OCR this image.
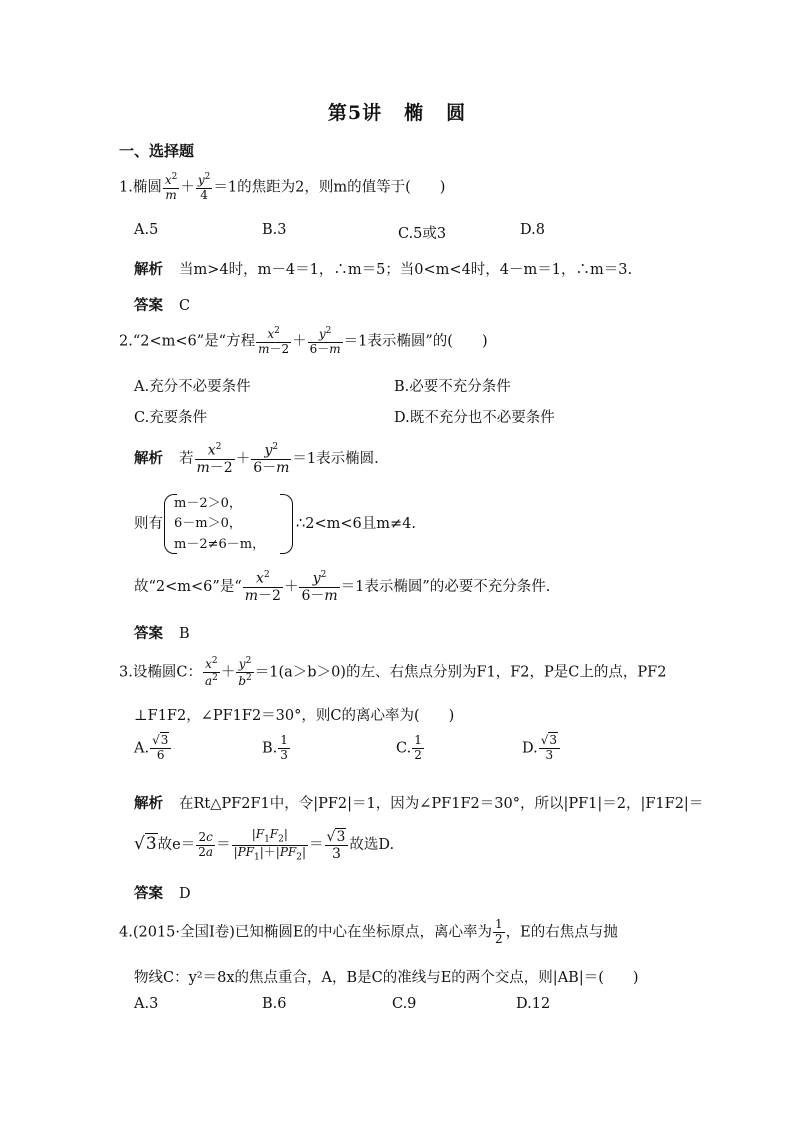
第5讲 椭 圆
一、选择题
1.椭圆 $\frac{x^2}{m} + \frac{y^2}{4} =1$的焦距为2，则m的值等于(　　)
A.5	B.3	C.5或3	D.8
解析 当m>4时，m－4＝1，∴m＝5；当0<m<4时，4－m＝1，∴m＝3.
答案 C
2.“2<m<6”是“方程 $\frac{x^2}{m-2} + \frac{y^2}{6-m} =1$表示椭圆”的(　　)
A.充分不必要条件	B.必要不充分条件
C.充要条件	D.既不充分也不必要条件
解析 若 $\frac{x^2}{m-2} + \frac{y^2}{6-m} =1$表示椭圆.
则有
m－2＞0，
6－m＞0，
m－2≠6－m，
∴2<m<6且m≠4.
故“2<m<6”是“ $\frac{x^2}{m-2} + \frac{y^2}{6-m} =1$表示椭圆”的必要不充分条件.
答案 B
3.设椭圆C： $\frac{x^2}{a^2} + \frac{y^2}{b^2} =1(a>b>0)$的左、右焦点分别为F1，F2，P是C上的点，PF2
⊥F1F2，∠PF1F2＝30°，则C的离心率为(　　)
A. $\frac{√3}{6}$	B. $\frac{1}{3}$	C. $\frac{1}{2}$	D. $\frac{√3}{3}$
解析 在Rt△PF2F1中，令|PF2|＝1，因为∠PF1F2＝30°，所以|PF1|＝2，|F1F2|＝
√3故$e= \frac{2c}{2a} = \frac{|F_1F_2|}{|PF_1|+|PF_2|} = \frac{√3}{3}$ 故选D.
答案 D
4.(2015·全国Ⅰ卷)已知椭圆E的中心在坐标原点，离心率为 $\frac{1}{2}$ ，E的右焦点与抛
物线C：y²＝8x的焦点重合，A，B是C的准线与E的两个交点，则|AB|＝(　　)
A.3	B.6	C.9	D.12
